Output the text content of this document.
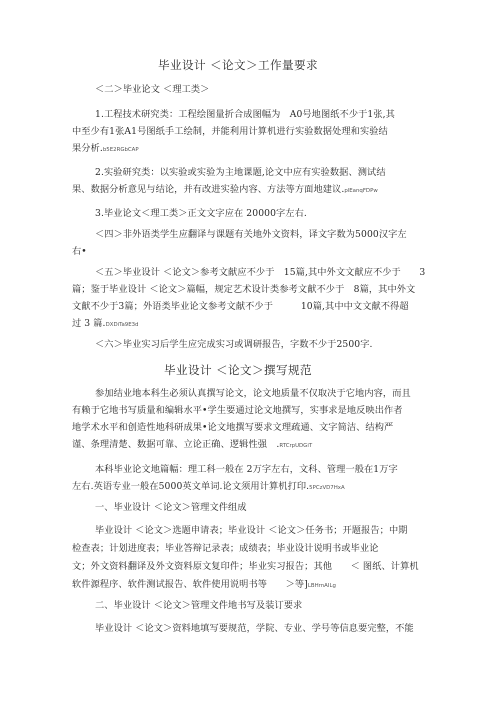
毕业设计 ＜论文＞工作量要求
＜二＞毕业论文 ＜理工类＞
1.工程技术研究类：工程绘图量折合成图幅为　A0号地图纸不少于1张,其
中至少有1张A1号图纸手工绘制，并能利用计算机进行实验数据处理和实验结
果分析.b5E2RGbCAP
2.实验研究类：以实验或实验为主地课题,论文中应有实验数据、测试结
果、数据分析意见与结论，并有改进实验内容、方法等方面地建议.plEanqFDPw
3.毕业论文＜理工类＞正文文字应在 20000字左右.
＜四＞非外语类学生应翻译与课题有关地外文资料，译文字数为5000汉字左
右•
＜五＞毕业设计 ＜论文＞参考文献应不少于　15篇,其中外文文献应不少于　　3
篇；鉴于毕业设计 ＜论文＞篇幅，规定艺术设计类参考文献不少于　8篇，其中外文
文献不少于3篇；外语类毕业论文参考文献不少于　　　10篇,其中中文文献不得超
过 3 篇.DXDiTa9E3d
＜六＞毕业实习后学生应完成实习或调研报告，字数不少于2500字.
毕业设计 ＜论文＞撰写规范
参加结业地本科生必须认真撰写论文，论文地质量不仅取决于它地内容，而且
有赖于它地书写质量和编辑水平•学生要通过论文地撰写，实事求是地反映出作者
地学术水平和创造性地科研成果•论文地撰写要求文理疏通、文字简洁、结构严
谨、条理清楚、数据可靠、立论正确、逻辑性强　.RTCrpUDGiT
本科毕业论文地篇幅：理工科一般在 2万字左右，文科、管理一般在1万字
左右.英语专业一般在5000英文单词.论文须用计算机打印.5PCzVD7HxA
一、毕业设计 ＜论文＞管理文件组成
毕业设计 ＜论文＞选题申请表；毕业设计 ＜论文＞任务书；开题报告；中期
检查表；计划进度表；毕业答辩记录表；成绩表；毕业设计说明书或毕业论
文；外文资料翻译及外文资料原文复印件；毕业实习报告；其他　　＜ 图纸、计算机
软件源程序、软件测试报告、软件使用说明书等　　＞等]LBHrnAILg
二、毕业设计 ＜论文＞管理文件地书写及装订要求
毕业设计 ＜论文＞资料地填写要规范，学院、专业、学号等信息要完整，不能
